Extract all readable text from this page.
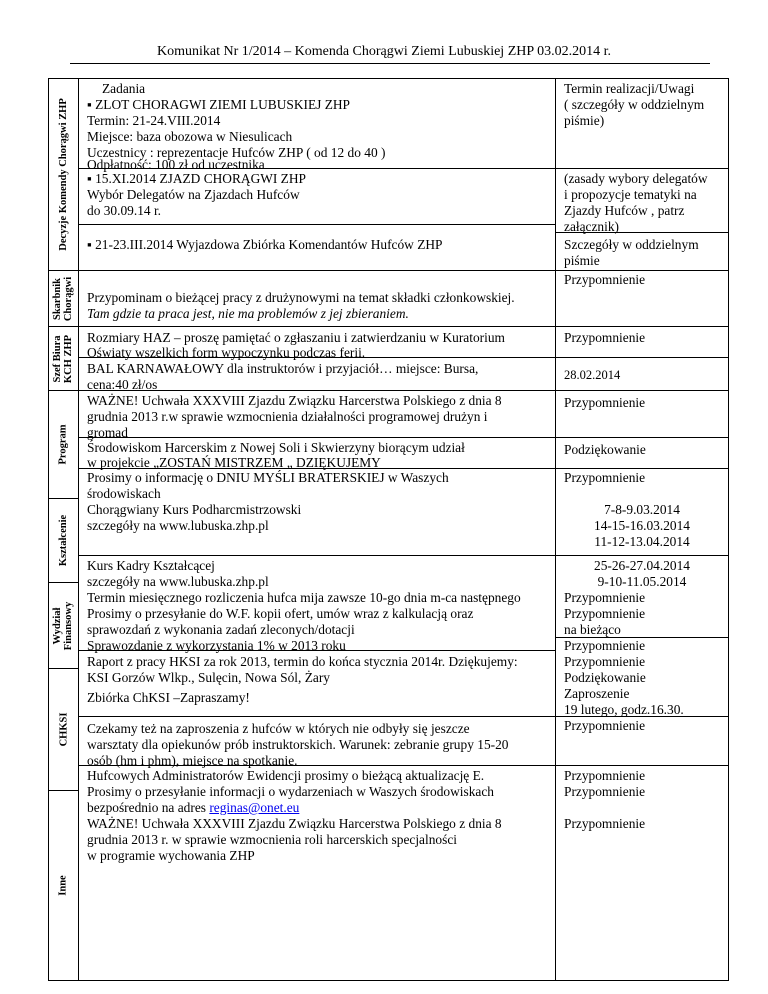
Komunikat Nr 1/2014 – Komenda Chorągwi Ziemi Lubuskiej ZHP 03.02.2014 r.
Decyzje Komendy Chorągwi ZHP
Skarbnik Chorągwi
Szef Biura KCH ZHP
Program
Kształcenie
Wydział Finansowy
CHKSI
Inne
Zadania	Termin realizacji/Uwagi
▪ ZLOT CHORAGWI ZIEMI LUBUSKIEJ ZHP
Termin: 21-24.VIII.2014
Miejsce: baza obozowa w Niesulicach
Uczestnicy : reprezentacje Hufców ZHP ( od 12 do 40 )
Odpłatność: 100 zł od uczestnika
▪ 15.XI.2014 ZJAZD CHORĄGWI ZHP
Wybór Delegatów na Zjazdach Hufców
do 30.09.14 r.
▪ 21-23.III.2014 Wyjazdowa Zbiórka Komendantów Hufców ZHP
Przypominam o bieżącej pracy z drużynowymi na temat składki członkowskiej.
Tam gdzie ta praca jest, nie ma problemów z jej zbieraniem.
Rozmiary HAZ – proszę pamiętać o zgłaszaniu i zatwierdzaniu w Kuratorium
Oświaty wszelkich form wypoczynku podczas ferii.
BAL KARNAWAŁOWY dla instruktorów i przyjaciół… miejsce: Bursa,
cena:40 zł/os
WAŻNE! Uchwała XXXVIII Zjazdu Związku Harcerstwa Polskiego z dnia 8
grudnia 2013 r.w sprawie wzmocnienia działalności programowej drużyn i
gromad
Środowiskom Harcerskim z Nowej Soli i Skwierzyny biorącym udział
w projekcie „ZOSTAŃ MISTRZEM „ DZIĘKUJEMY
Prosimy o informację o DNIU MYŚLI BRATERSKIEJ w Waszych
środowiskach
Chorągwiany Kurs Podharcmistrzowski
szczegóły na www.lubuska.zhp.pl
Kurs Kadry Kształcącej
szczegóły na www.lubuska.zhp.pl
Termin miesięcznego rozliczenia hufca mija zawsze 10-go dnia m-ca następnego
Prosimy o przesyłanie do W.F. kopii ofert, umów wraz z kalkulacją oraz
sprawozdań z wykonania zadań zleconych/dotacji
Sprawozdanie z wykorzystania 1% w 2013 roku
Raport z pracy HKSI za rok 2013, termin do końca stycznia 2014r. Dziękujemy:
KSI Gorzów Wlkp., Sulęcin, Nowa Sól, Żary
Zbiórka ChKSI –Zapraszamy!
Czekamy też na zaproszenia z hufców w których nie odbyły się jeszcze
warsztaty dla opiekunów prób instruktorskich. Warunek: zebranie grupy 15-20
osób (hm i phm), miejsce na spotkanie.
Hufcowych Administratorów Ewidencji prosimy o bieżącą aktualizację E.
Prosimy o przesyłanie informacji o wydarzeniach w Waszych środowiskach
bezpośrednio na adres reginas@onet.eu
WAŻNE! Uchwała XXXVIII Zjazdu Związku Harcerstwa Polskiego z dnia 8
grudnia 2013 r. w sprawie wzmocnienia roli harcerskich specjalności
w programie wychowania ZHP
( szczegóły w oddzielnym
piśmie)
(zasady wybory delegatów
i propozycje tematyki na
Zjazdy Hufców , patrz
załącznik)
Szczegóły w oddzielnym
piśmie
Przypomnienie
Przypomnienie
28.02.2014
Przypomnienie
Podziękowanie
Przypomnienie
7-8-9.03.2014
14-15-16.03.2014
11-12-13.04.2014
25-26-27.04.2014
9-10-11.05.2014
Przypomnienie
Przypomnienie
na bieżąco
Przypomnienie
Przypomnienie
Podziękowanie
Zaproszenie
19 lutego, godz.16.30.
Przypomnienie
Przypomnienie
Przypomnienie
Przypomnienie
